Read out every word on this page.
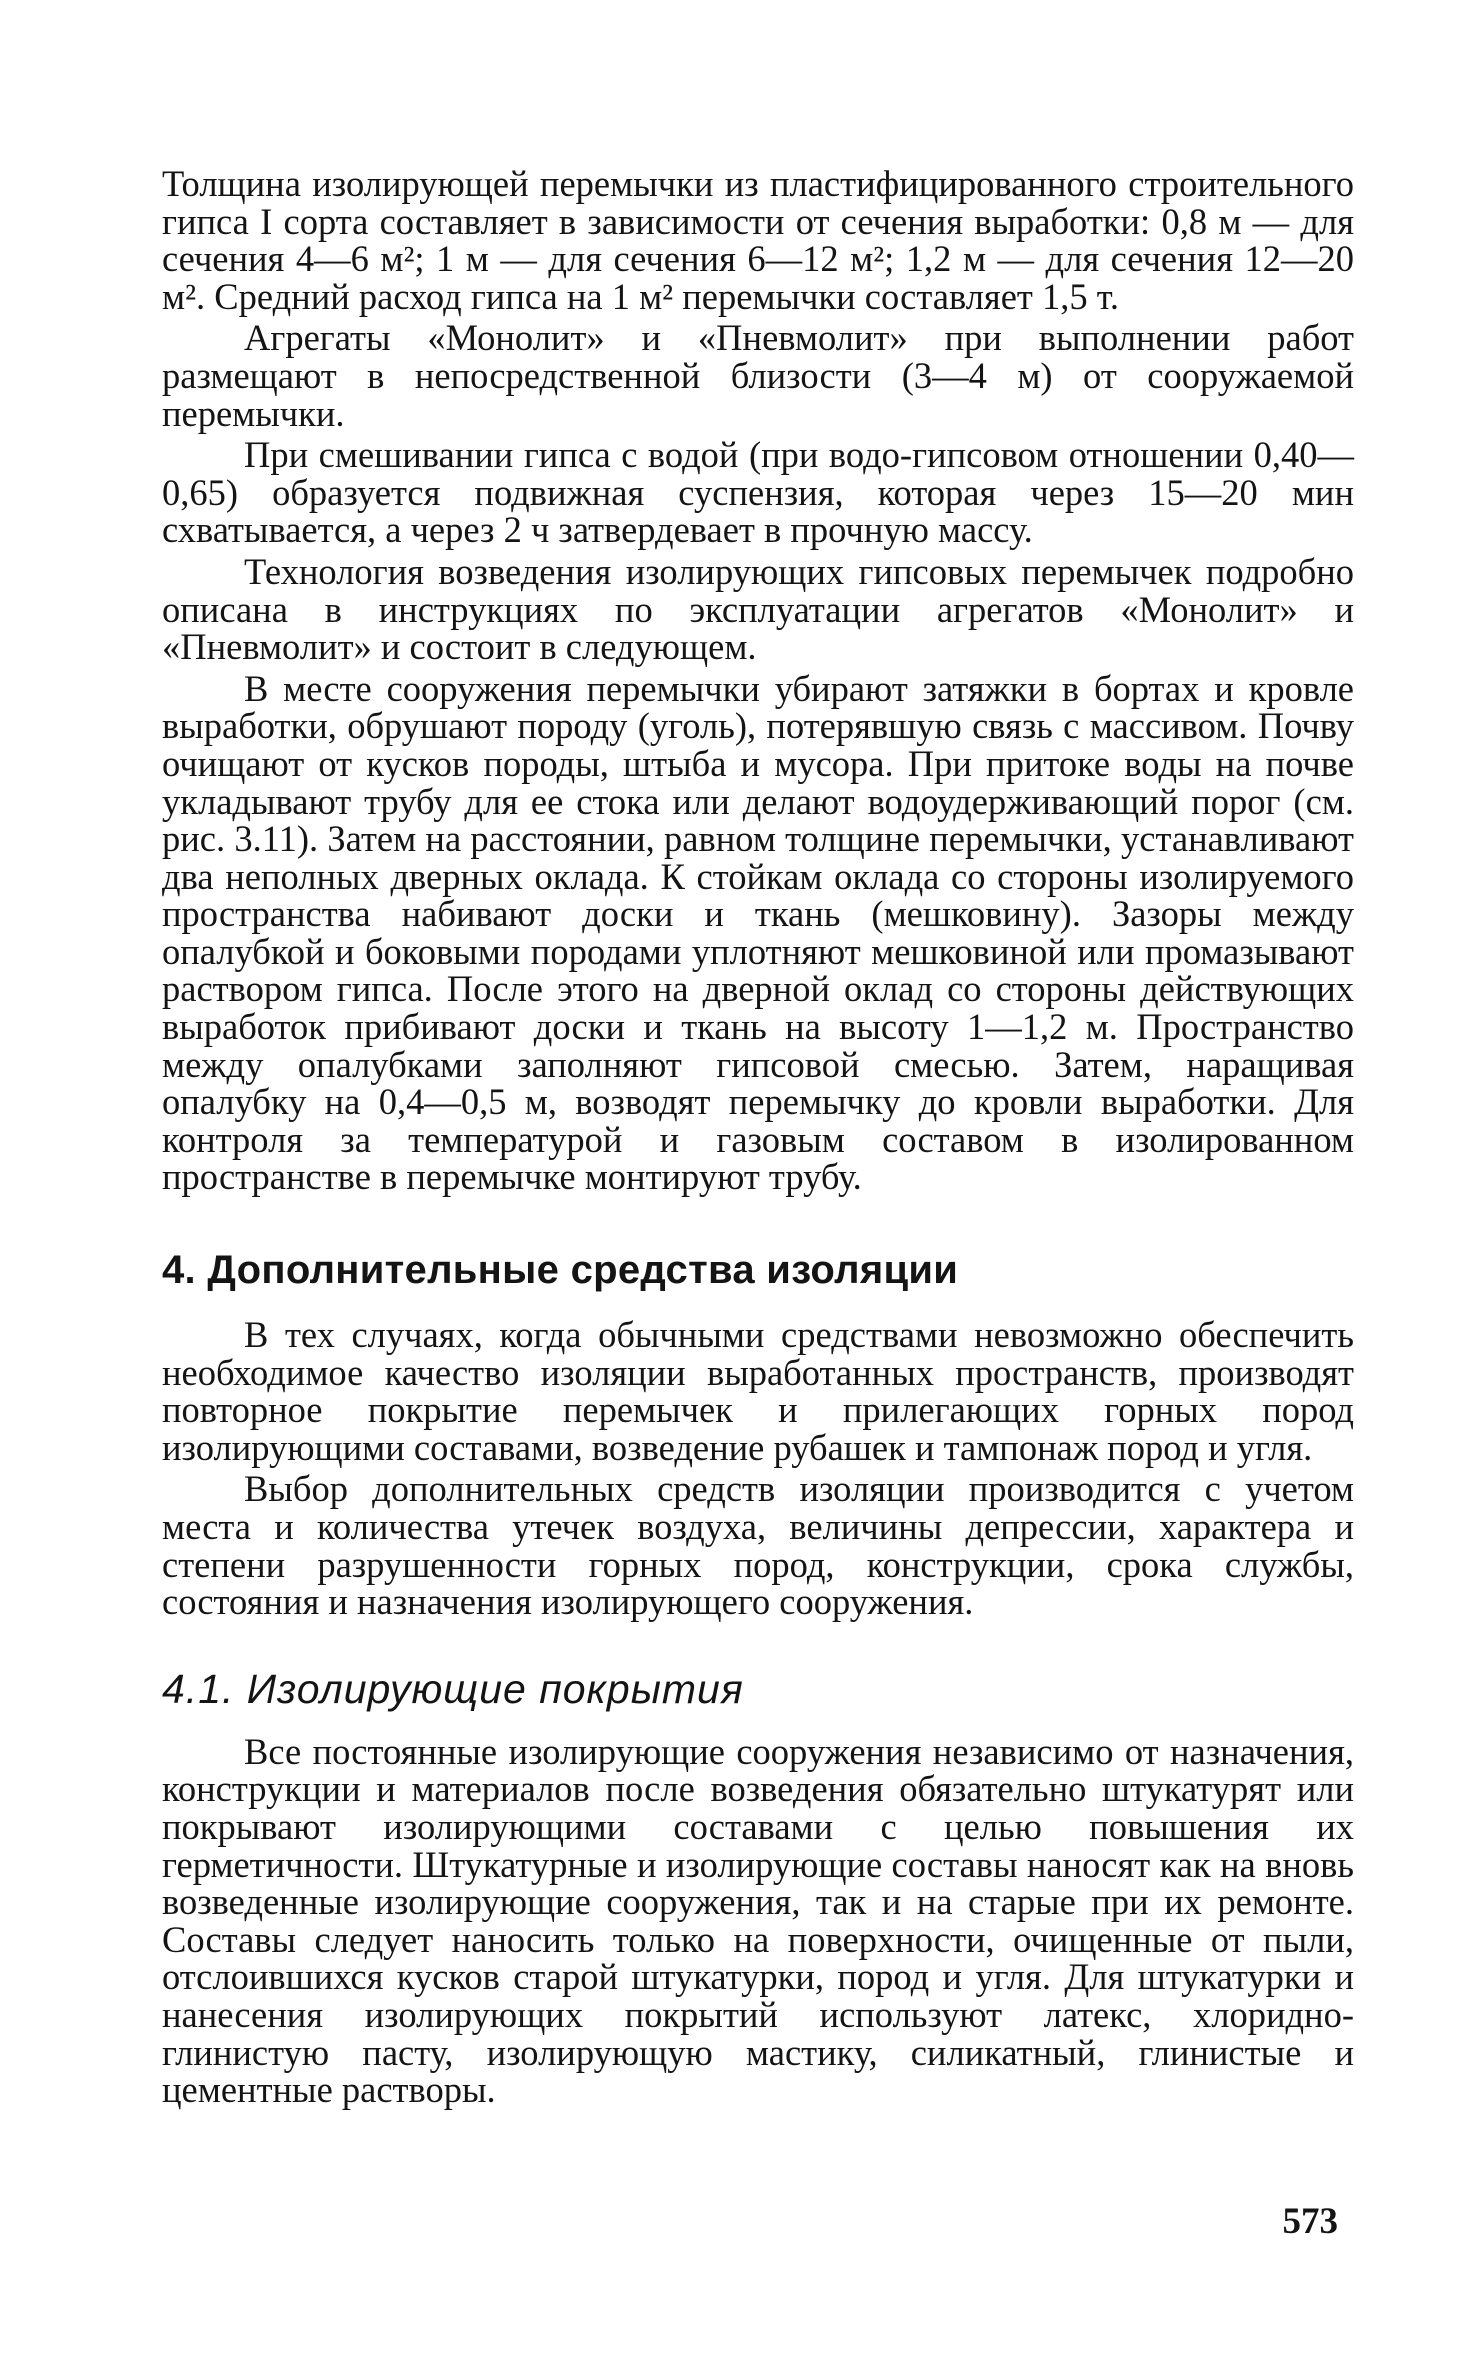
Толщина изолирующей перемычки из пластифицированного строительного гипса I сорта составляет в зависимости от сечения выработки: 0,8 м — для сечения 4—6 м²; 1 м — для сечения 6—12 м²; 1,2 м — для сечения 12—20 м². Средний расход гипса на 1 м² перемычки составляет 1,5 т.

Агрегаты «Монолит» и «Пневмолит» при выполнении работ размещают в непосредственной близости (3—4 м) от сооружаемой перемычки.

При смешивании гипса с водой (при водо-гипсовом отношении 0,40—0,65) образуется подвижная суспензия, которая через 15—20 мин схватывается, а через 2 ч затвердевает в прочную массу.

Технология возведения изолирующих гипсовых перемычек подробно описана в инструкциях по эксплуатации агрегатов «Монолит» и «Пневмолит» и состоит в следующем.

В месте сооружения перемычки убирают затяжки в бортах и кровле выработки, обрушают породу (уголь), потерявшую связь с массивом. Почву очищают от кусков породы, штыба и мусора. При притоке воды на почве укладывают трубу для ее стока или делают водоудерживающий порог (см. рис. 3.11). Затем на расстоянии, равном толщине перемычки, устанавливают два неполных дверных оклада. К стойкам оклада со стороны изолируемого пространства набивают доски и ткань (мешковину). Зазоры между опалубкой и боковыми породами уплотняют мешковиной или промазывают раствором гипса. После этого на дверной оклад со стороны действующих выработок прибивают доски и ткань на высоту 1—1,2 м. Пространство между опалубками заполняют гипсовой смесью. Затем, наращивая опалубку на 0,4—0,5 м, возводят перемычку до кровли выработки. Для контроля за температурой и газовым составом в изолированном пространстве в перемычке монтируют трубу.

4. Дополнительные средства изоляции

В тех случаях, когда обычными средствами невозможно обеспечить необходимое качество изоляции выработанных пространств, производят повторное покрытие перемычек и прилегающих горных пород изолирующими составами, возведение рубашек и тампонаж пород и угля.

Выбор дополнительных средств изоляции производится с учетом места и количества утечек воздуха, величины депрессии, характера и степени разрушенности горных пород, конструкции, срока службы, состояния и назначения изолирующего сооружения.

4.1. Изолирующие покрытия

Все постоянные изолирующие сооружения независимо от назначения, конструкции и материалов после возведения обязательно штукатурят или покрывают изолирующими составами с целью повышения их герметичности. Штукатурные и изолирующие составы наносят как на вновь возведенные изолирующие сооружения, так и на старые при их ремонте. Составы следует наносить только на поверхности, очищенные от пыли, отслоившихся кусков старой штукатурки, пород и угля. Для штукатурки и нанесения изолирующих покрытий используют латекс, хлоридно-глинистую пасту, изолирующую мастику, силикатный, глинистые и цементные растворы.

573
